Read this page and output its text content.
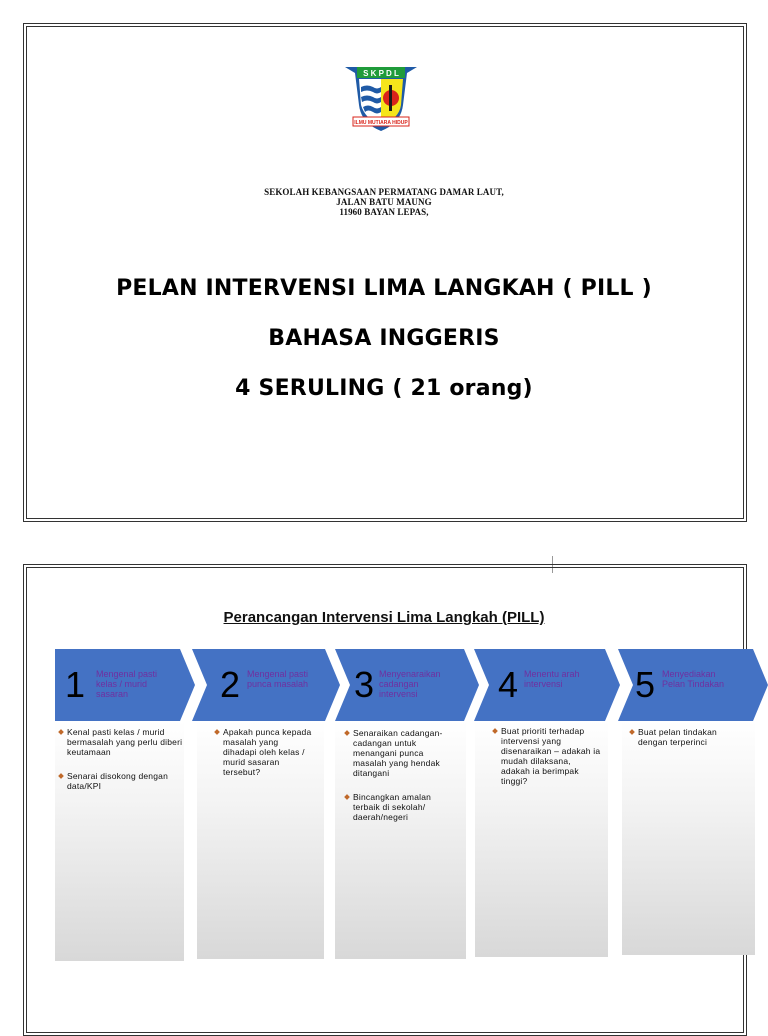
ILMU MUTIARA HIDUP
S K P D L
SEKOLAH KEBANGSAAN PERMATANG DAMAR LAUT,
JALAN BATU MAUNG
11960 BAYAN LEPAS,
PELAN INTERVENSI LIMA LANGKAH ( PILL )
BAHASA INGGERIS
4 SERULING ( 21 orang)
Perancangan Intervensi Lima Langkah (PILL)
1 Mengenal pasti kelas / murid sasaran	2 Mengenal pasti punca masalah	3 Menyenaraikan cadangan intervensi	4 Menentu arah intervensi	5 Menyediakan Pelan Tindakan
Kenal pasti kelas / murid bermasalah yang perlu diberi keutamaan
Senarai disokong dengan data/KPI
Apakah punca kepada masalah yang dihadapi oleh kelas / murid sasaran tersebut?
Senaraikan cadangan-cadangan untuk menangani punca masalah yang hendak ditangani
Bincangkan amalan terbaik di sekolah/ daerah/negeri
Buat prioriti terhadap intervensi yang disenaraikan – adakah ia mudah dilaksana, adakah ia berimpak tinggi?
Buat pelan tindakan dengan terperinci
